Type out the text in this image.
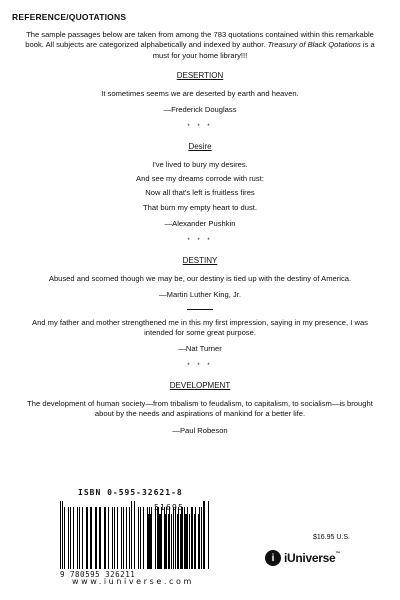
REFERENCE/QUOTATIONS

The sample passages below are taken from among the 783 quotations contained within this remarkable book. All subjects are categorized alphabetically and indexed by author. Treasury of Black Qotations is a must for your home library!!!

DESERTION
It sometimes seems we are deserted by earth and heaven.
—Frederick Douglass
* * *
Desire
I've lived to bury my desires.
And see my dreams corrode with rust:
Now all that's left is fruitless fires
That burn my empty heart to dust.
—Alexander Pushkin
* * *
DESTINY
Abused and scorned though we may be, our destiny is tied up with the destiny of America.
—Martin Luther King, Jr.
And my father and mother strengthened me in this my first impression, saying in my presence, I was intended for some great purpose.
—Nat Turner
* * *
DEVELOPMENT
The development of human society—from tribalism to feudalism, to capitalism, to socialism—is brought about by the needs and aspirations of mankind for a better life.
—Paul Robeson
ISBN 0-595-32621-8
9 780595 326211
51695
$16.95 U.S.
i iUniverse™
www.iuniverse.com
